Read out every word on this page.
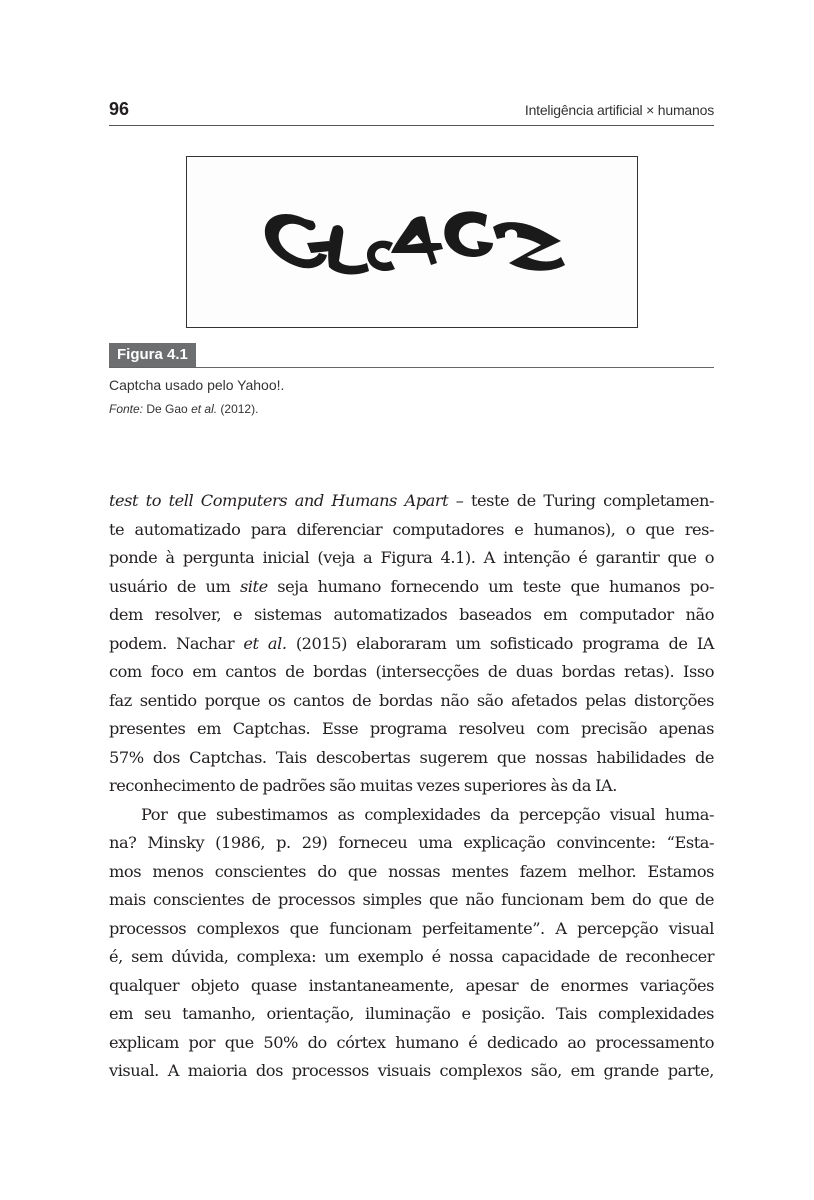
96	Inteligência artificial × humanos
Figura 4.1
Captcha usado pelo Yahoo!.
Fonte: De Gao et al. (2012).

test to tell Computers and Humans Apart – teste de Turing completamen-
te automatizado para diferenciar computadores e humanos), o que res-
ponde à pergunta inicial (veja a Figura 4.1). A intenção é garantir que o
usuário de um site seja humano fornecendo um teste que humanos po-
dem resolver, e sistemas automatizados baseados em computador não
podem. Nachar et al. (2015) elaboraram um sofisticado programa de IA
com foco em cantos de bordas (intersecções de duas bordas retas). Isso
faz sentido porque os cantos de bordas não são afetados pelas distorções
presentes em Captchas. Esse programa resolveu com precisão apenas
57% dos Captchas. Tais descobertas sugerem que nossas habilidades de
reconhecimento de padrões são muitas vezes superiores às da IA.

Por que subestimamos as complexidades da percepção visual huma-
na? Minsky (1986, p. 29) forneceu uma explicação convincente: “Esta-
mos menos conscientes do que nossas mentes fazem melhor. Estamos
mais conscientes de processos simples que não funcionam bem do que de
processos complexos que funcionam perfeitamente”. A percepção visual
é, sem dúvida, complexa: um exemplo é nossa capacidade de reconhecer
qualquer objeto quase instantaneamente, apesar de enormes variações
em seu tamanho, orientação, iluminação e posição. Tais complexidades
explicam por que 50% do córtex humano é dedicado ao processamento
visual. A maioria dos processos visuais complexos são, em grande parte,
